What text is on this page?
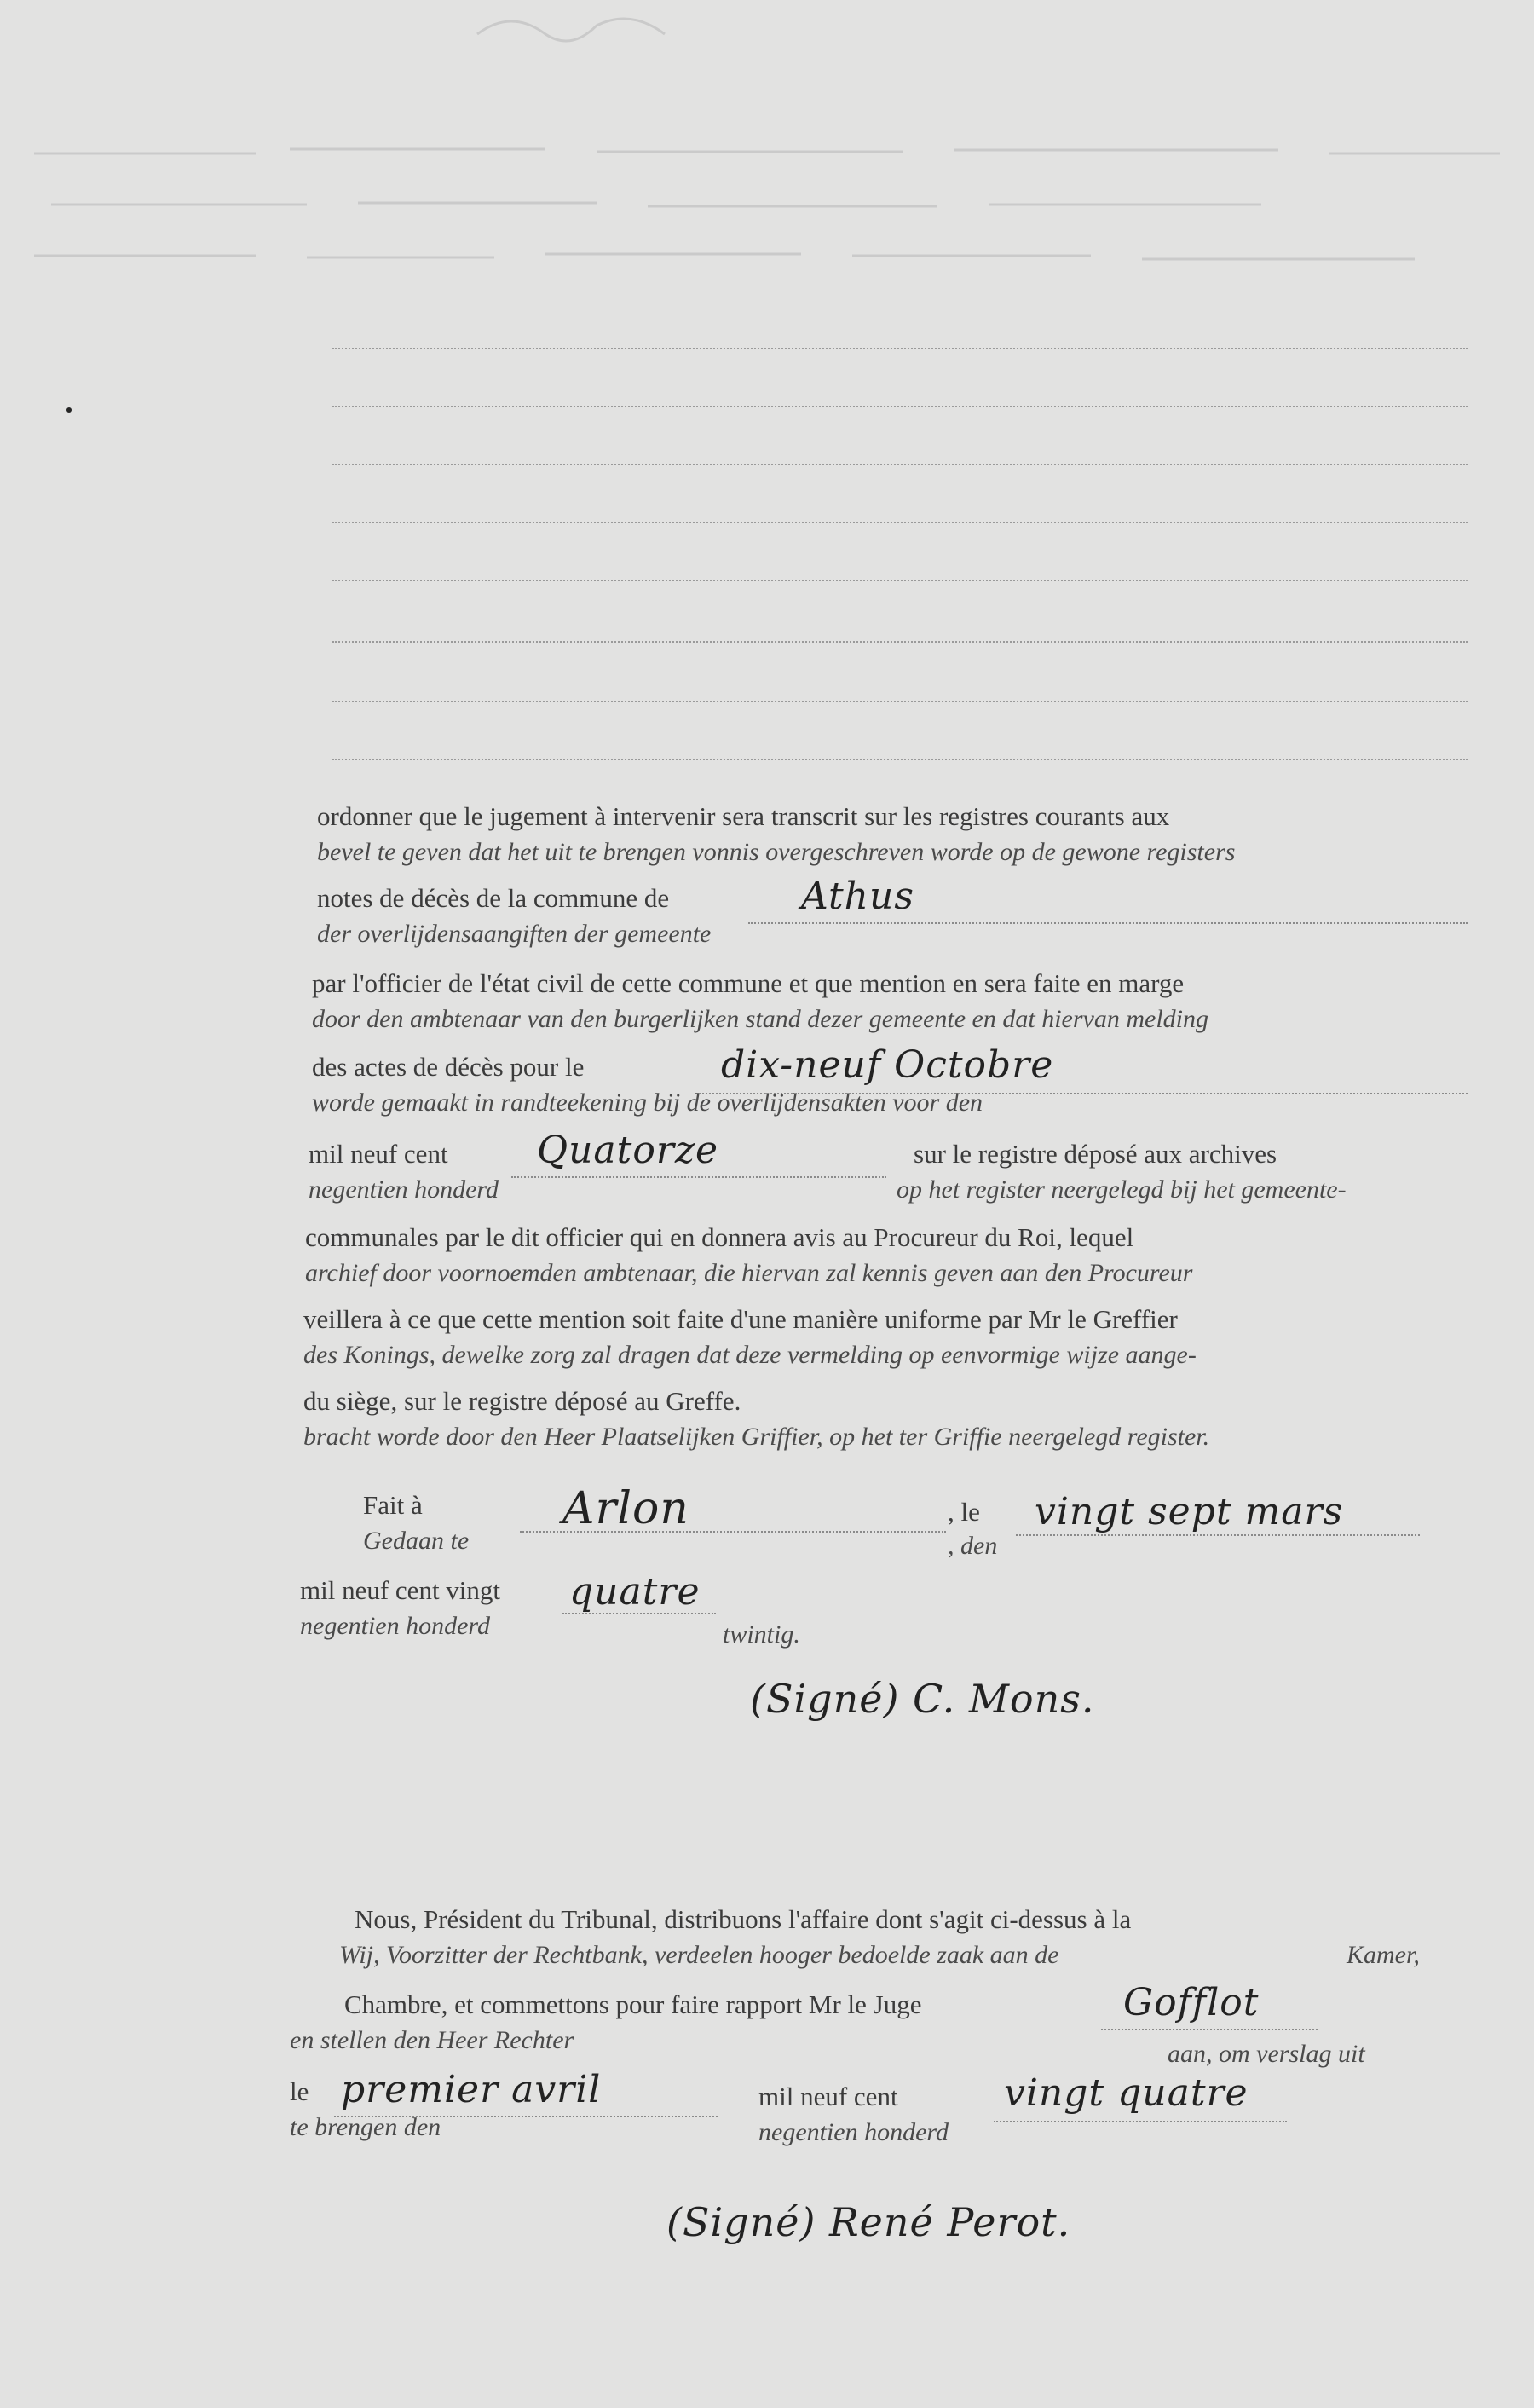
ordonner que le jugement à intervenir sera transcrit sur les registres courants aux
bevel te geven dat het uit te brengen vonnis overgeschreven worde op de gewone registers
notes de décès de la commune de
der overlijdensaangiften der gemeente
Athus
par l'officier de l'état civil de cette commune et que mention en sera faite en marge
door den ambtenaar van den burgerlijken stand dezer gemeente en dat hiervan melding
des actes de décès pour le
worde gemaakt in randteekening bij de overlijdensakten voor den
dix-neuf Octobre
mil neuf cent
negentien honderd
Quatorze	sur le registre déposé aux archives
op het register neergelegd bij het gemeente-
communales par le dit officier qui en donnera avis au Procureur du Roi, lequel
archief door voornoemden ambtenaar, die hiervan zal kennis geven aan den Procureur
veillera à ce que cette mention soit faite d'une manière uniforme par Mr le Greffier
des Konings, dewelke zorg zal dragen dat deze vermelding op eenvormige wijze aange-
du siège, sur le registre déposé au Greffe.
bracht worde door den Heer Plaatselijken Griffier, op het ter Griffie neergelegd register.
Fait à
Gedaan te
Arlon	, le
, den
vingt sept mars
mil neuf cent vingt
negentien honderd
quatre
twintig.
(Signé) C. Mons.
Nous, Président du Tribunal, distribuons l'affaire dont s'agit ci-dessus à la
Wij, Voorzitter der Rechtbank, verdeelen hooger bedoelde zaak aan de	Kamer,
Chambre, et commettons pour faire rapport Mr le Juge
en stellen den Heer Rechter
Gofflot
aan, om verslag uit
le
te brengen den
premier avril	mil neuf cent
negentien honderd
vingt quatre
(Signé) René Perot.
